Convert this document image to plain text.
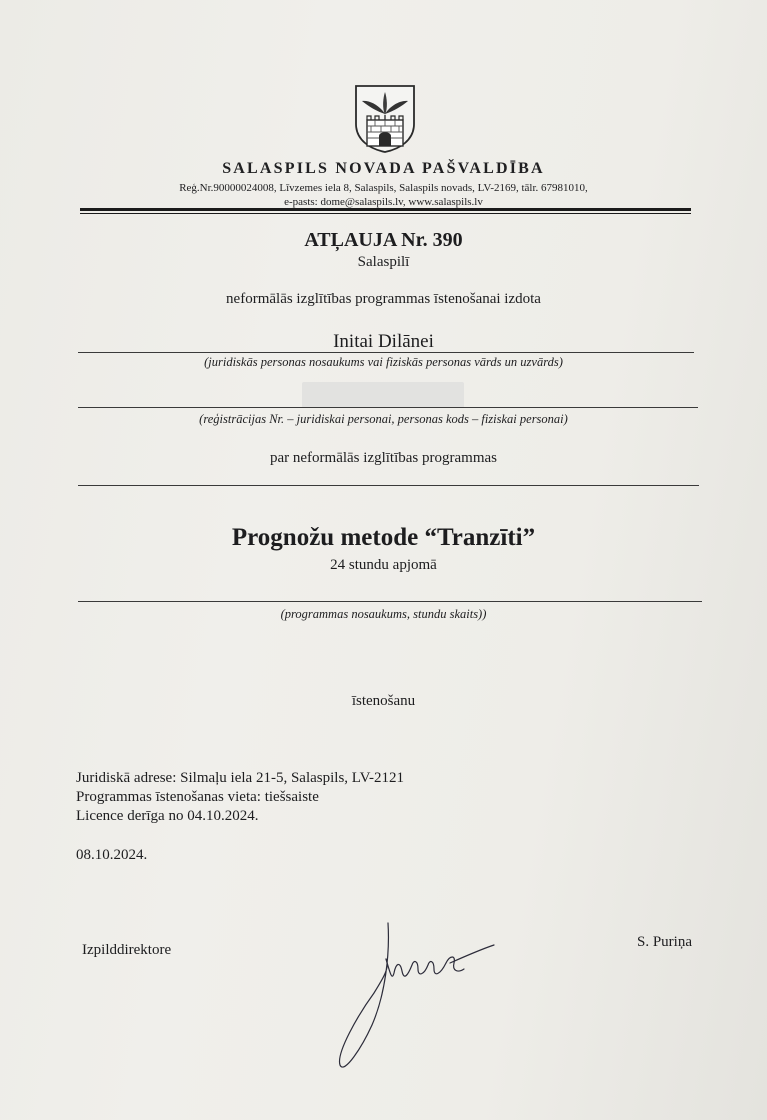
SALASPILS NOVADA PAŠVALDĪBA
Reģ.Nr.90000024008, Līvzemes iela 8, Salaspils, Salaspils novads, LV-2169, tālr. 67981010,
e-pasts: dome@salaspils.lv, www.salaspils.lv
ATĻAUJA Nr. 390
Salaspilī
neformālās izglītības programmas īstenošanai izdota
Initai Dilānei
(juridiskās personas nosaukums vai fiziskās personas vārds un uzvārds)
(reģistrācijas Nr. – juridiskai personai, personas kods – fiziskai personai)
par neformālās izglītības programmas
Prognožu metode “Tranzīti”
24 stundu apjomā
(programmas nosaukums, stundu skaits))
īstenošanu
Juridiskā adrese: Silmaļu iela 21-5, Salaspils, LV-2121
Programmas īstenošanas vieta: tiešsaiste
Licence derīga no 04.10.2024.
08.10.2024.
Izpilddirektore	S. Puriņa
